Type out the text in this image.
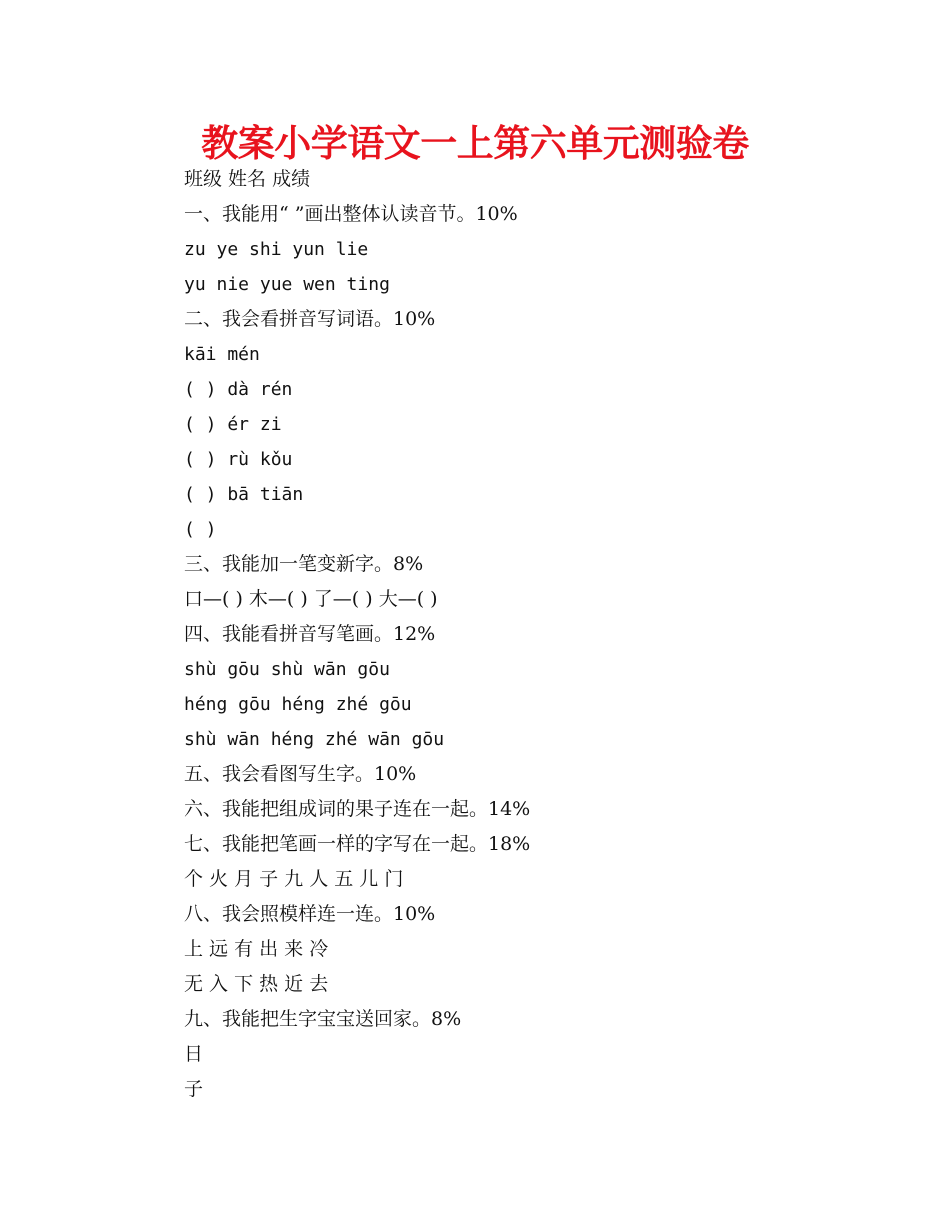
教案小学语文一上第六单元测验卷
班级 姓名 成绩
一、我能用“ ”画出整体认读音节。10%
zu ye shi yun lie
yu nie yue wen ting
二、我会看拼音写词语。10%
kāi mén
( ) dà rén
( ) ér zi
( ) rù kǒu
( ) bā tiān
( )
三、我能加一笔变新字。8%
口—( ) 木—( ) 了—( ) 大—( )
四、我能看拼音写笔画。12%
shù gōu shù wān gōu
héng gōu héng zhé gōu
shù wān héng zhé wān gōu
五、我会看图写生字。10%
六、我能把组成词的果子连在一起。14%
七、我能把笔画一样的字写在一起。18%
个 火 月 子 九 人 五 儿 门
八、我会照模样连一连。10%
上 远 有 出 来 冷
无 入 下 热 近 去
九、我能把生字宝宝送回家。8%
日
子
